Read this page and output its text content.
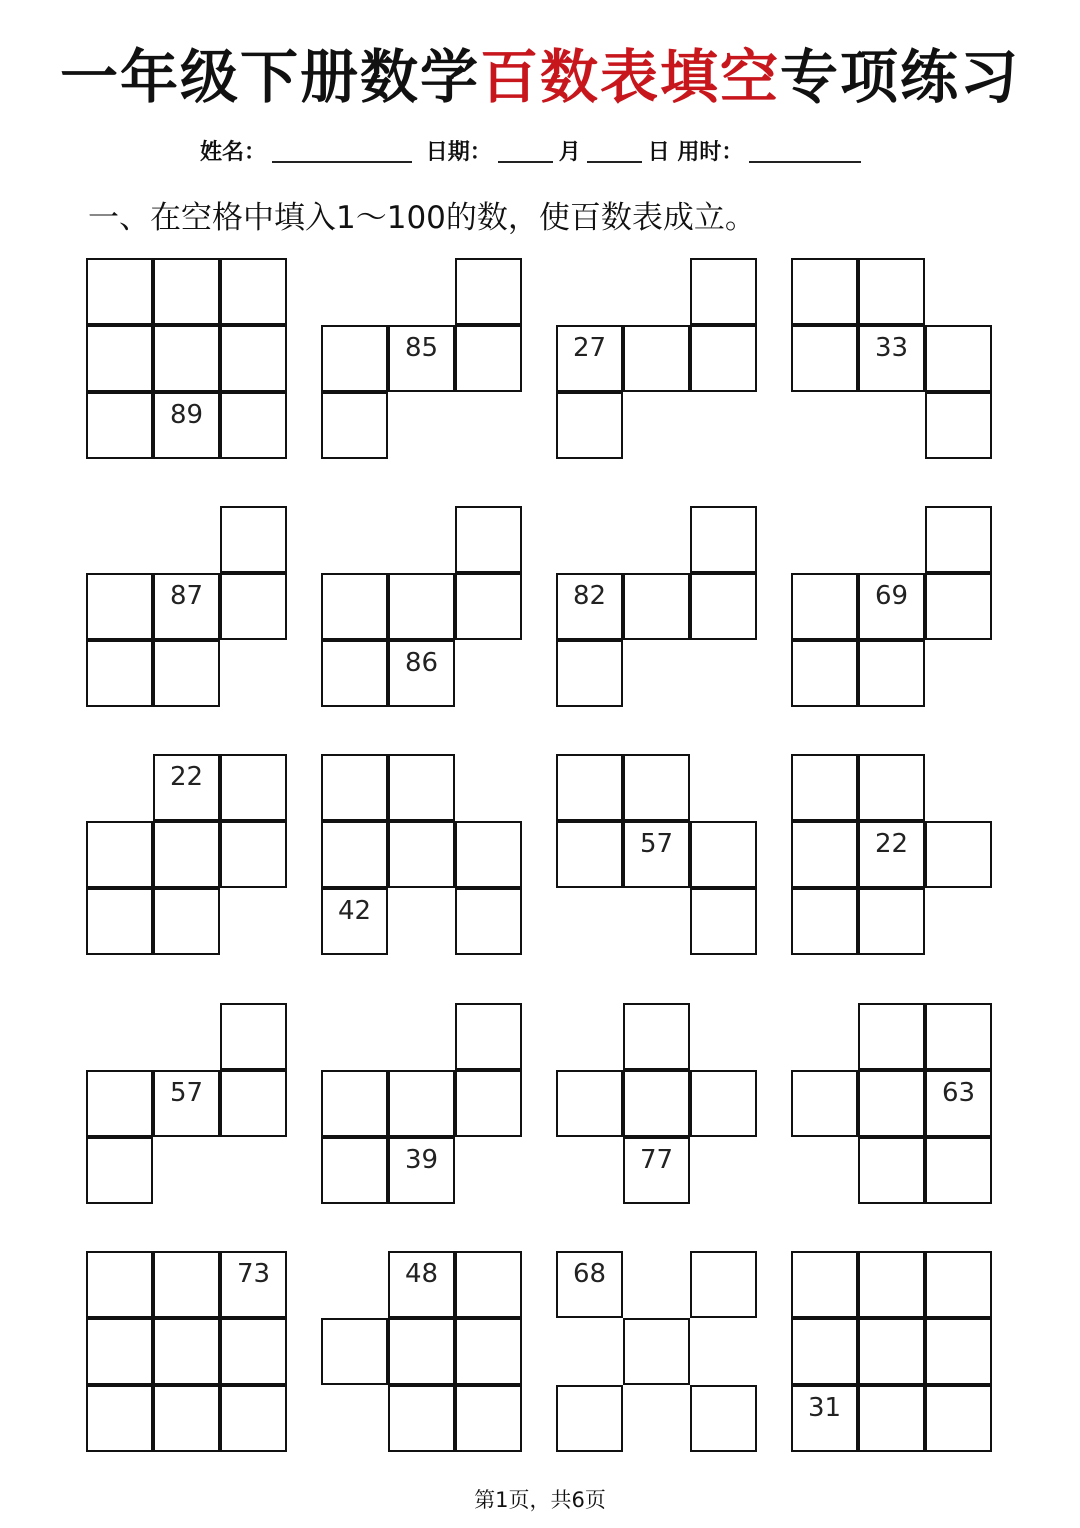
一年级下册数学百数表填空专项练习
姓名：	日期：	月	日 用时：
一、在空格中填入1～100的数，使百数表成立。
89
85	27	33
87
86
82	69
22
42
57	22
57
39	77
63
73	48	68
31
第1页，共6页
